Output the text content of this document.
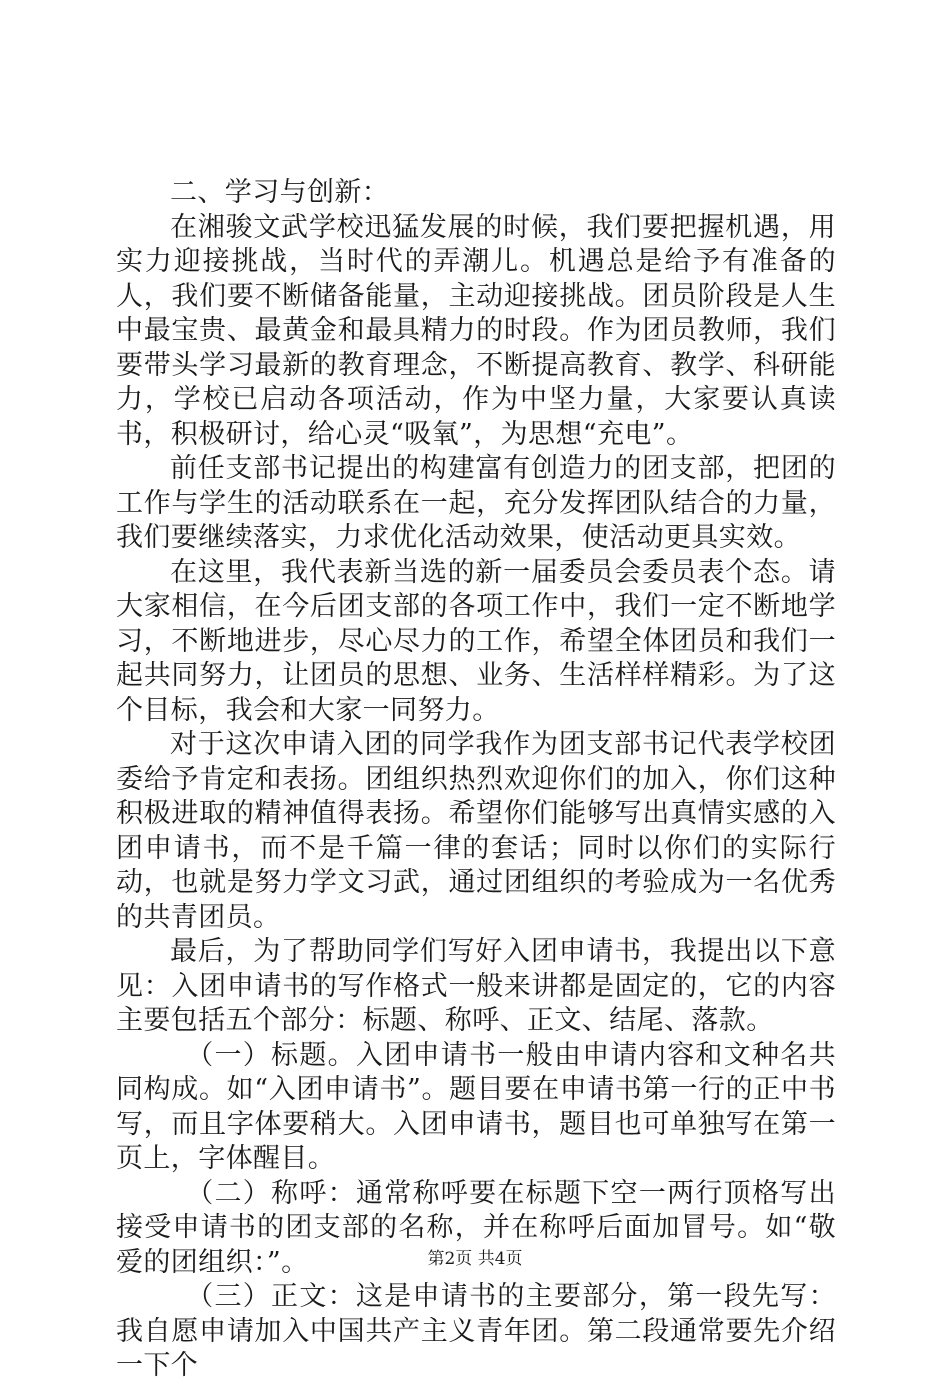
二、学习与创新：

在湘骏文武学校迅猛发展的时候，我们要把握机遇，用实力迎接挑战，当时代的弄潮儿。机遇总是给予有准备的人，我们要不断储备能量，主动迎接挑战。团员阶段是人生中最宝贵、最黄金和最具精力的时段。作为团员教师，我们要带头学习最新的教育理念，不断提高教育、教学、科研能力，学校已启动各项活动，作为中坚力量，大家要认真读书，积极研讨，给心灵“吸氧”，为思想“充电”。

前任支部书记提出的构建富有创造力的团支部，把团的工作与学生的活动联系在一起，充分发挥团队结合的力量，我们要继续落实，力求优化活动效果，使活动更具实效。

在这里，我代表新当选的新一届委员会委员表个态。请大家相信，在今后团支部的各项工作中，我们一定不断地学习，不断地进步，尽心尽力的工作，希望全体团员和我们一起共同努力，让团员的思想、业务、生活样样精彩。为了这个目标，我会和大家一同努力。

对于这次申请入团的同学我作为团支部书记代表学校团委给予肯定和表扬。团组织热烈欢迎你们的加入，你们这种积极进取的精神值得表扬。希望你们能够写出真情实感的入团申请书，而不是千篇一律的套话；同时以你们的实际行动，也就是努力学文习武，通过团组织的考验成为一名优秀的共青团员。

最后，为了帮助同学们写好入团申请书，我提出以下意见：入团申请书的写作格式一般来讲都是固定的，它的内容主要包括五个部分：标题、称呼、正文、结尾、落款。

（一）标题。入团申请书一般由申请内容和文种名共同构成。如“入团申请书”。题目要在申请书第一行的正中书写，而且字体要稍大。入团申请书，题目也可单独写在第一页上，字体醒目。

（二）称呼：通常称呼要在标题下空一两行顶格写出接受申请书的团支部的名称，并在称呼后面加冒号。如“敬爱的团组织：”。

（三）正文：这是申请书的主要部分，第一段先写：我自愿申请加入中国共产主义青年团。第二段通常要先介绍一下个

第2页 共4页
